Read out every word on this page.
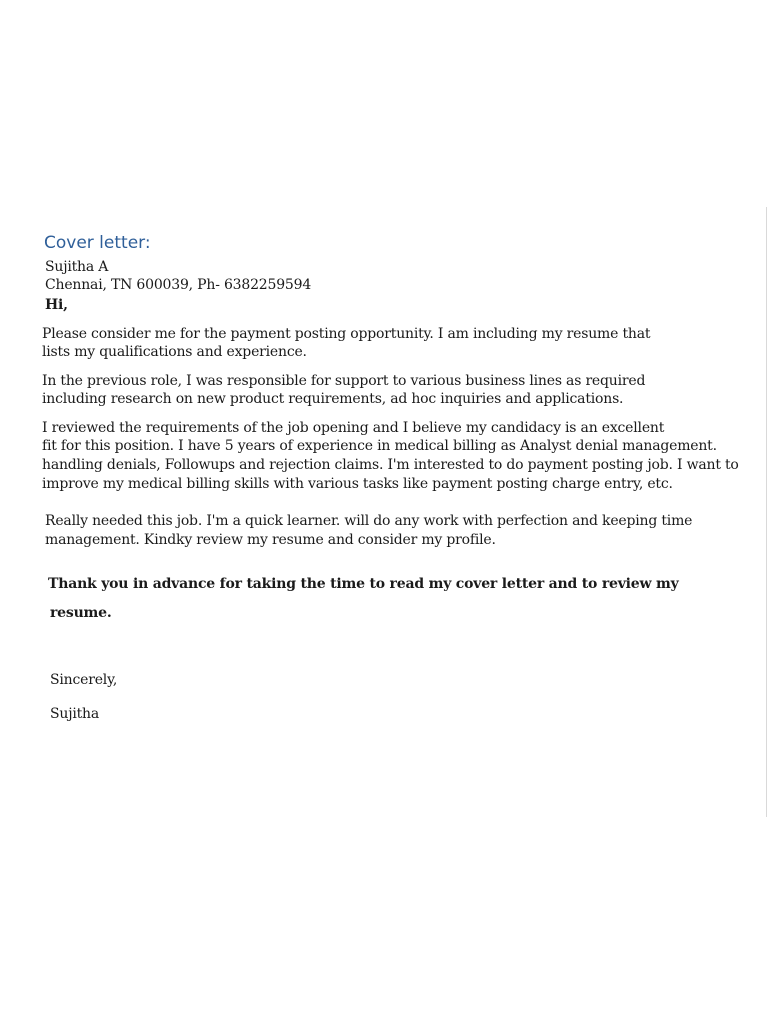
Cover letter:
Sujitha A
Chennai, TN 600039, Ph- 6382259594
Hi,
Please consider me for the payment posting opportunity. I am including my resume that
lists my qualifications and experience.
In the previous role, I was responsible for support to various business lines as required
including research on new product requirements, ad hoc inquiries and applications.
I reviewed the requirements of the job opening and I believe my candidacy is an excellent
fit for this position. I have 5 years of experience in medical billing as Analyst denial management.
handling denials, Followups and rejection claims. I'm interested to do payment posting job. I want to
improve my medical billing skills with various tasks like payment posting charge entry, etc.
Really needed this job. I'm a quick learner. will do any work with perfection and keeping time
management. Kindky review my resume and consider my profile.
Thank you in advance for taking the time to read my cover letter and to review my
resume.
Sincerely,
Sujitha
